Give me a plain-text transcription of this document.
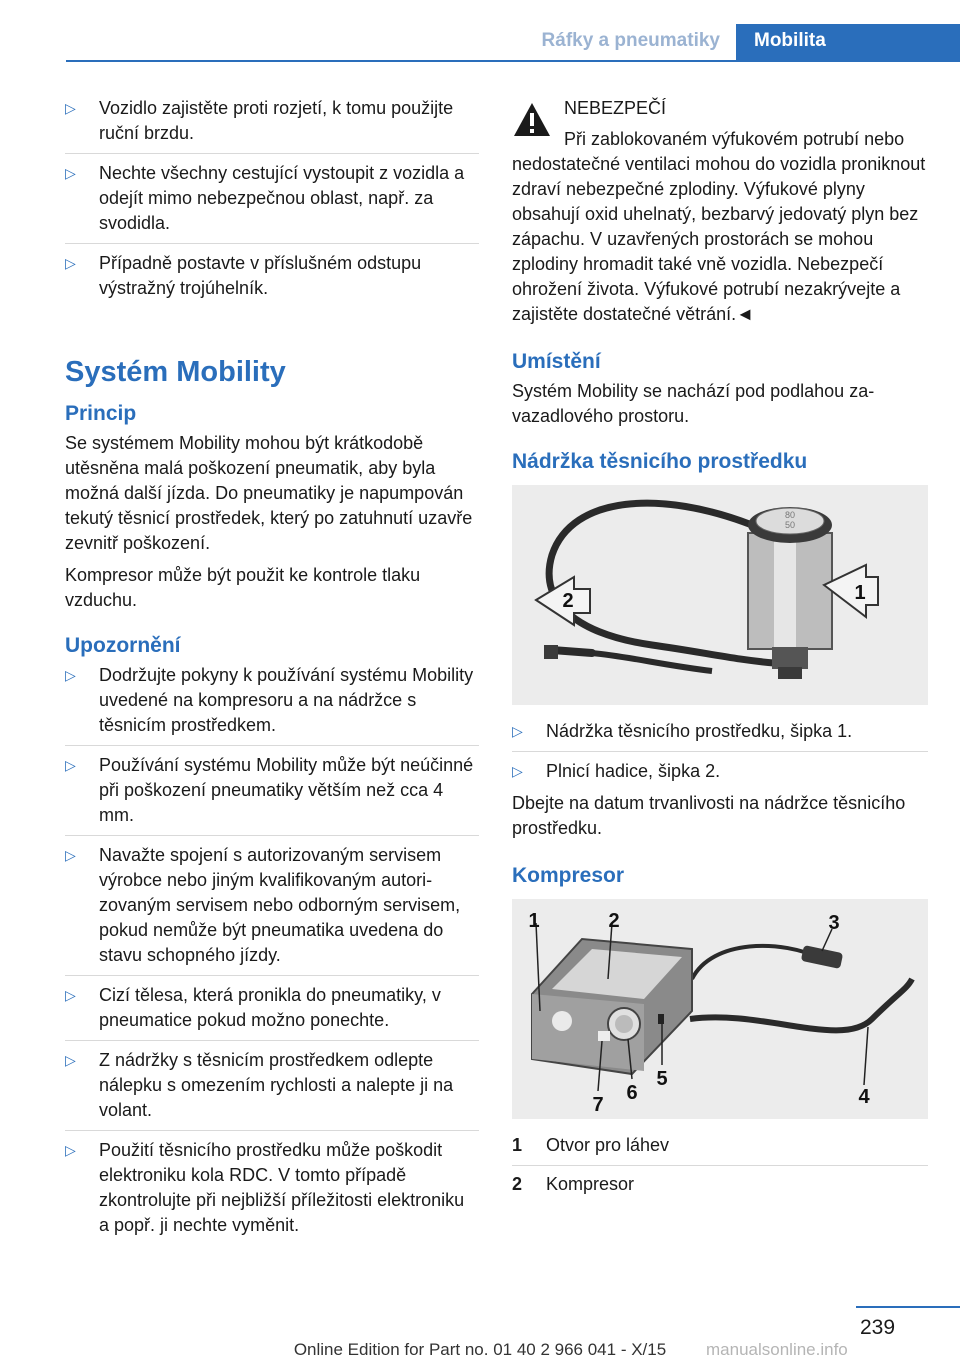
Ráfky a pneumatiky Mobilita
▷ Vozidlo zajistěte proti rozjetí, k tomu použijte ruční brzdu.
▷ Nechte všechny cestující vystoupit z vozidla a odejít mimo nebezpečnou oblast, např. za svodidla.
▷ Případně postavte v příslušném odstupu výstražný trojúhelník.
Systém Mobility
Princip

Se systémem Mobility mohou být krátkodobě utěsněna malá poškození pneumatik, aby byla možná další jízda. Do pneumatiky je napumpován tekutý těsnicí prostředek, který po zatuhnutí uzavře zevnitř poškození.

Kompresor může být použit ke kontrole tlaku vzduchu.

Upozornění
▷ Dodržujte pokyny k používání systému Mobility uvedené na kompresoru a na nádržce s těsnicím prostředkem.
▷ Používání systému Mobility může být neúčinné při poškození pneumatiky větším než cca 4 mm.
▷ Navažte spojení s autorizovaným servisem výrobce nebo jiným kvalifikovaným autorizovaným servisem nebo odborným servisem, pokud nemůže být pneumatika uvedena do stavu schopného jízdy.
▷ Cizí tělesa, která pronikla do pneumatiky, v pneumatice pokud možno ponechte.
▷ Z nádržky s těsnicím prostředkem odlepte nálepku s omezením rychlosti a nalepte ji na volant.
▷ Použití těsnicího prostředku může poškodit elektroniku kola RDC. V tomto případě zkontrolujte při nejbližší příležitosti elektroniku a popř. ji nechte vyměnit.

NEBEZPEČÍ

Při zablokovaném výfukovém potrubí nebo nedostatečné ventilaci mohou do vozidla proniknout zdraví nebezpečné zplodiny. Výfukové plyny obsahují oxid uhelnatý, bezbarvý jedovatý plyn bez zápachu. V uzavřených prostorách se mohou zplodiny hromadit také vně vozidla. Nebezpečí ohrožení života. Výfukové potrubí nezakrývejte a zajistěte dostatečné větrání.◄

Umístění

Systém Mobility se nachází pod podlahou zavazadlového prostoru.

Nádržka těsnicího prostředku
80
50
2	1
▷ Nádržka těsnicího prostředku, šipka 1.
▷ Plnicí hadice, šipka 2.

Dbejte na datum trvanlivosti na nádržce těsnicího prostředku.

Kompresor
1	2	3
4
5
6
7
1 Otvor pro láhev
2 Kompresor
239
Online Edition for Part no. 01 40 2 966 041 - X/15	manualsonline.info
